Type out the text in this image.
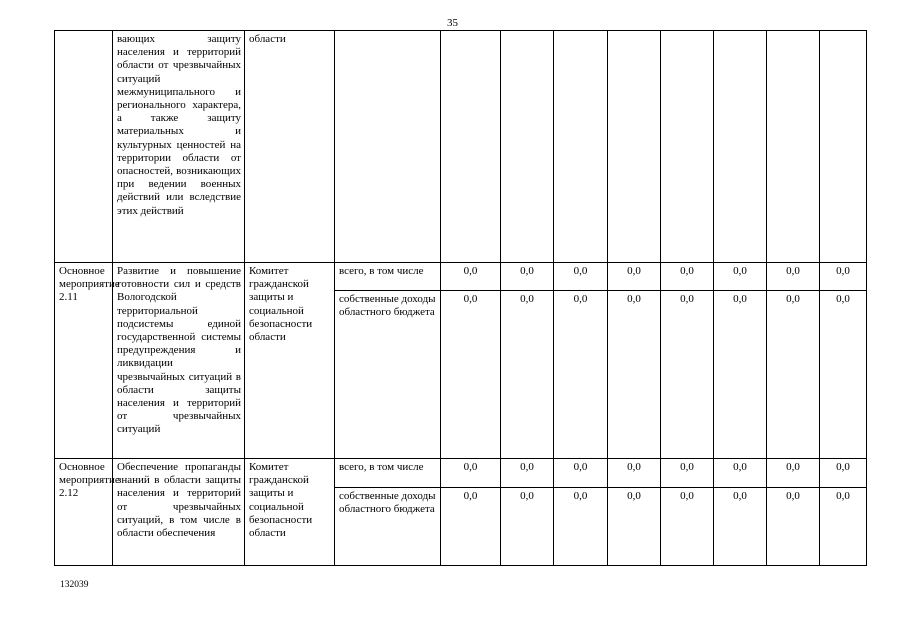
35
	вающих защиту населения и территорий области от чрезвычайных ситуаций межмуниципального и регионального характера, а также защиту материальных и культурных ценностей на территории области от опасностей, возникающих при ведении военных действий или вследствие этих действий	области									
Основное мероприятие 2.11	Развитие и повышение готовности сил и средств Вологодской территориальной подсистемы единой государственной системы предупреждения и ликвидации чрезвычайных ситуаций в области защиты населения и территорий от чрезвычайных ситуаций	Комитет гражданской защиты и социальной безопасности области	всего, в том числе	0,0	0,0	0,0	0,0	0,0	0,0	0,0	0,0
			собственные доходы областного бюджета	0,0	0,0	0,0	0,0	0,0	0,0	0,0	0,0
Основное мероприятие 2.12	Обеспечение пропаганды знаний в области защиты населения и территорий от чрезвычайных ситуаций, в том числе в области обеспечения	Комитет гражданской защиты и социальной безопасности области	всего, в том числе	0,0	0,0	0,0	0,0	0,0	0,0	0,0	0,0
			собственные доходы областного бюджета	0,0	0,0	0,0	0,0	0,0	0,0	0,0	0,0
132039
